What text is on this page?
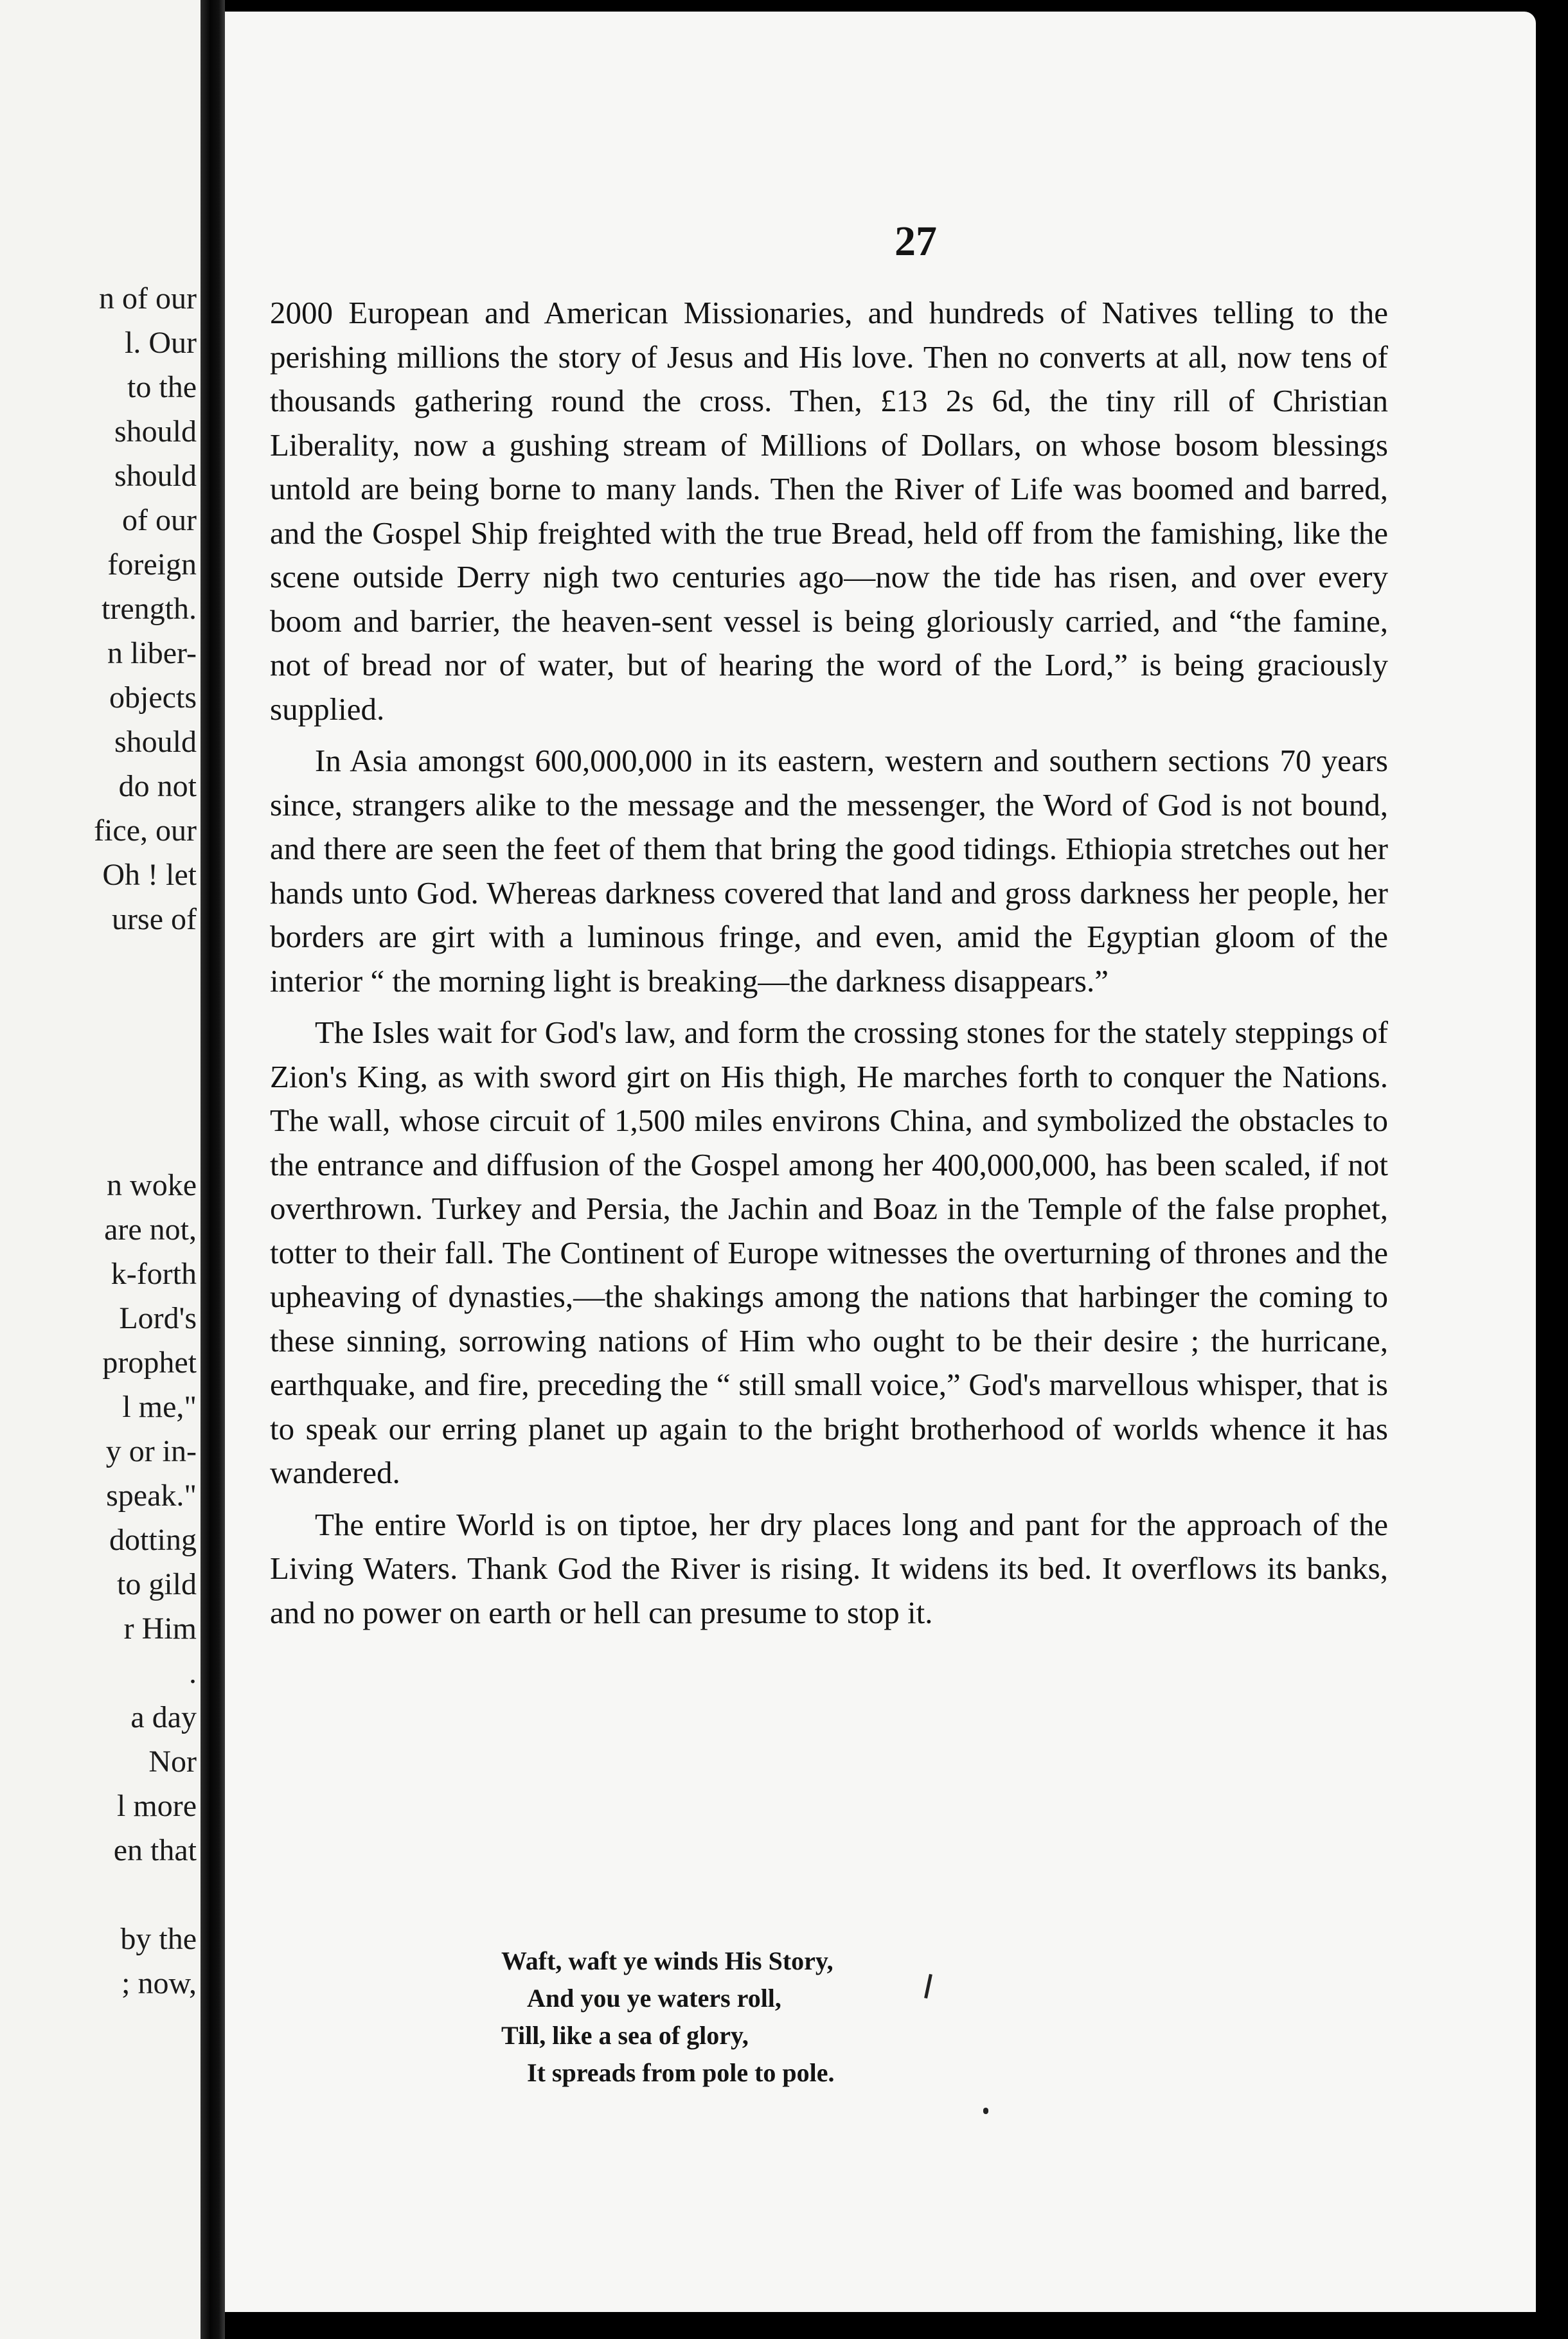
n of our
l. Our
to the
should
should
of our
foreign
trength.
n liber-
objects
should
do not
fice, our
Oh ! let
urse of
n woke
are not,
k-forth
Lord's
prophet
l me,"
y or in-
speak."
dotting
to gild
r Him
.
a day
Nor
l more
en that
by the
; now,
27

2000 European and American Missionaries, and hundreds of Natives telling to the perishing millions the story of Jesus and His love. Then no converts at all, now tens of thousands gathering round the cross. Then, £13 2s 6d, the tiny rill of Christian Liberality, now a gushing stream of Millions of Dollars, on whose bosom blessings untold are being borne to many lands. Then the River of Life was boomed and barred, and the Gospel Ship freighted with the true Bread, held off from the famishing, like the scene outside Derry nigh two centuries ago—now the tide has risen, and over every boom and barrier, the heaven-sent vessel is being gloriously carried, and “the famine, not of bread nor of water, but of hearing the word of the Lord,” is being graciously supplied.

In Asia amongst 600,000,000 in its eastern, western and southern sections 70 years since, strangers alike to the message and the messenger, the Word of God is not bound, and there are seen the feet of them that bring the good tidings. Ethiopia stretches out her hands unto God. Whereas darkness covered that land and gross darkness her people, her borders are girt with a luminous fringe, and even, amid the Egyptian gloom of the interior “ the morning light is breaking—the darkness disappears.”

The Isles wait for God's law, and form the crossing stones for the stately steppings of Zion's King, as with sword girt on His thigh, He marches forth to conquer the Nations. The wall, whose circuit of 1,500 miles environs China, and symbolized the obstacles to the entrance and diffusion of the Gospel among her 400,000,000, has been scaled, if not overthrown. Turkey and Persia, the Jachin and Boaz in the Temple of the false prophet, totter to their fall. The Continent of Europe witnesses the overturning of thrones and the upheaving of dynasties,—the shakings among the nations that harbinger the coming to these sinning, sorrowing nations of Him who ought to be their desire ; the hurricane, earthquake, and fire, preceding the “ still small voice,” God's marvellous whisper, that is to speak our erring planet up again to the bright brotherhood of worlds whence it has wandered.

The entire World is on tiptoe, her dry places long and pant for the approach of the Living Waters. Thank God the River is rising. It widens its bed. It overflows its banks, and no power on earth or hell can presume to stop it.

Waft, waft ye winds His Story,
And you ye waters roll,
Till, like a sea of glory,
It spreads from pole to pole.
